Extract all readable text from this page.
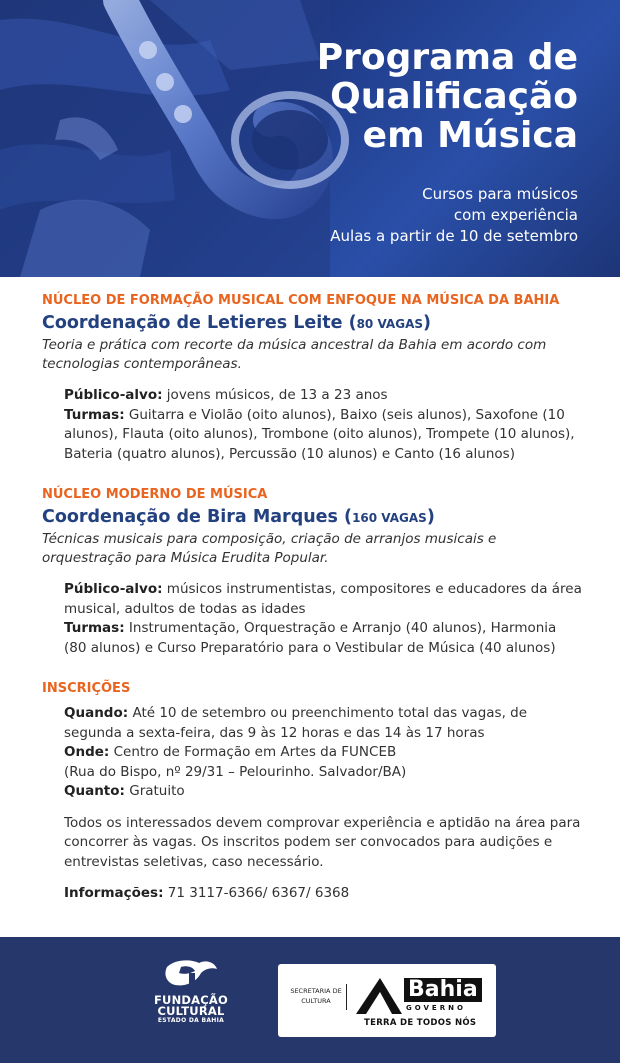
Programa de
Qualificação
em Música
Cursos para músicos
com experiência
Aulas a partir de 10 de setembro
NÚCLEO DE FORMAÇÃO MUSICAL COM ENFOQUE NA MÚSICA DA BAHIA
Coordenação de Letieres Leite (80 VAGAS)
Teoria e prática com recorte da música ancestral da Bahia em acordo com tecnologias contemporâneas.
Público-alvo: jovens músicos, de 13 a 23 anos
Turmas: Guitarra e Violão (oito alunos), Baixo (seis alunos), Saxofone (10 alunos), Flauta (oito alunos), Trombone (oito alunos), Trompete (10 alunos), Bateria (quatro alunos), Percussão (10 alunos) e Canto (16 alunos)
NÚCLEO MODERNO DE MÚSICA
Coordenação de Bira Marques (160 VAGAS)
Técnicas musicais para composição, criação de arranjos musicais e orquestração para Música Erudita Popular.
Público-alvo: músicos instrumentistas, compositores e educadores da área musical, adultos de todas as idades
Turmas: Instrumentação, Orquestração e Arranjo (40 alunos), Harmonia (80 alunos) e Curso Preparatório para o Vestibular de Música (40 alunos)
INSCRIÇÕES
Quando: Até 10 de setembro ou preenchimento total das vagas, de segunda a sexta-feira, das 9 às 12 horas e das 14 às 17 horas
Onde: Centro de Formação em Artes da FUNCEB
(Rua do Bispo, nº 29/31 – Pelourinho. Salvador/BA)
Quanto: Gratuito
Todos os interessados devem comprovar experiência e aptidão na área para concorrer às vagas. Os inscritos podem ser convocados para audições e entrevistas seletivas, caso necessário.
Informações: 71 3117-6366/ 6367/ 6368
FUNDAÇÃO
CULTURAL
ESTADO DA BAHIA
SECRETARIA DE
CULTURA	Bahia
GOVERNO
TERRA DE TODOS NÓS
